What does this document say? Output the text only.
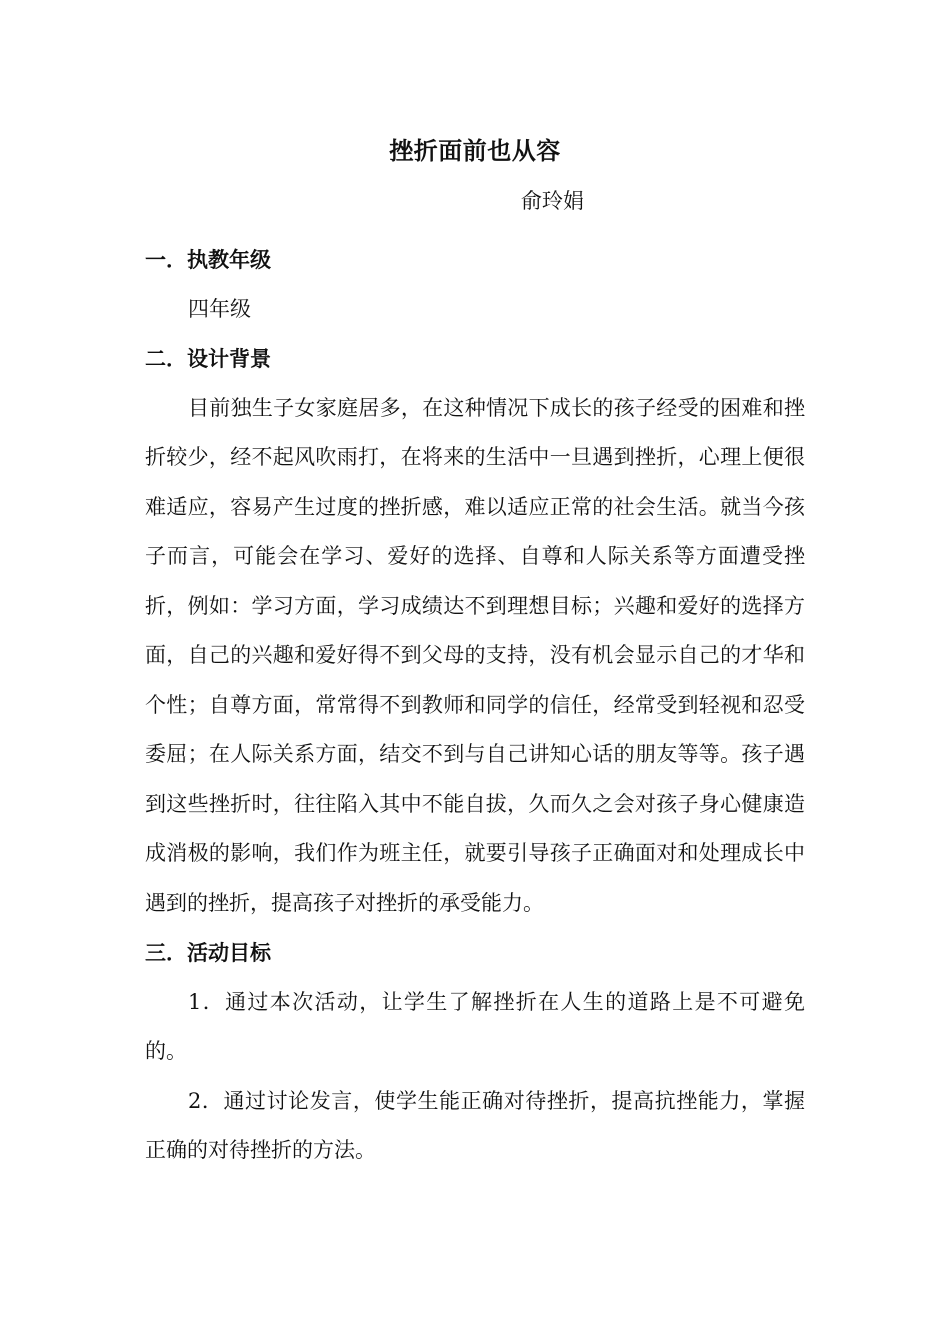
挫折面前也从容
俞玲娟

一．执教年级

四年级

二．设计背景

目前独生子女家庭居多，在这种情况下成长的孩子经受的困难和挫折较少，经不起风吹雨打，在将来的生活中一旦遇到挫折，心理上便很难适应，容易产生过度的挫折感，难以适应正常的社会生活。就当今孩子而言，可能会在学习、爱好的选择、自尊和人际关系等方面遭受挫折，例如：学习方面，学习成绩达不到理想目标；兴趣和爱好的选择方面，自己的兴趣和爱好得不到父母的支持，没有机会显示自己的才华和个性；自尊方面，常常得不到教师和同学的信任，经常受到轻视和忍受委屈；在人际关系方面，结交不到与自己讲知心话的朋友等等。孩子遇到这些挫折时，往往陷入其中不能自拔，久而久之会对孩子身心健康造成消极的影响，我们作为班主任，就要引导孩子正确面对和处理成长中遇到的挫折，提高孩子对挫折的承受能力。

三．活动目标

1．通过本次活动，让学生了解挫折在人生的道路上是不可避免的。

2．通过讨论发言，使学生能正确对待挫折，提高抗挫能力，掌握正确的对待挫折的方法。
